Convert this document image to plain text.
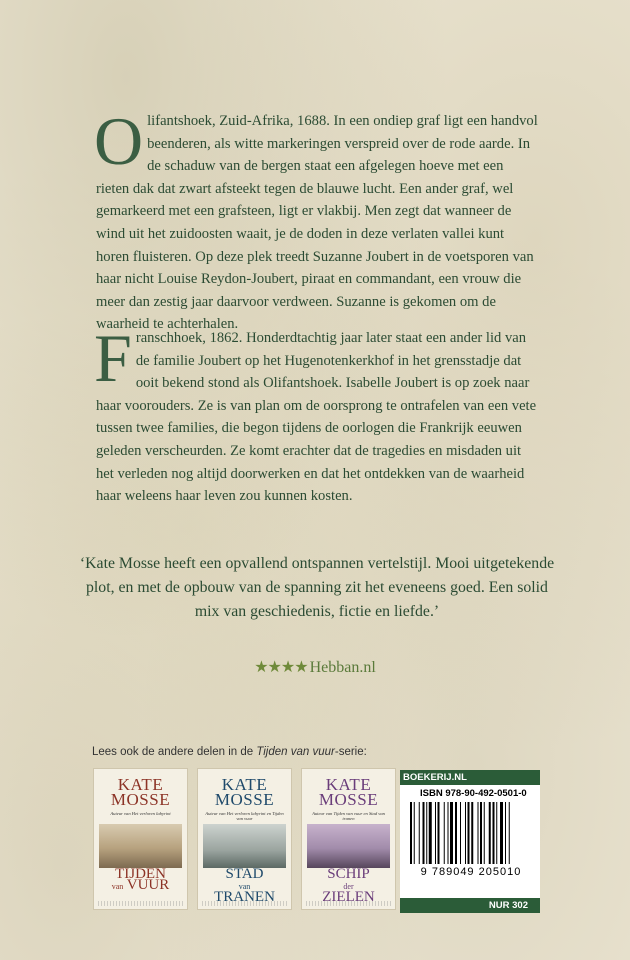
Olifantshoek, Zuid-Afrika, 1688. In een ondiep graf ligt een handvol beenderen, als witte markeringen verspreid over de rode aarde. In de schaduw van de bergen staat een afgelegen hoeve met een rieten dak dat zwart afsteekt tegen de blauwe lucht. Een ander graf, wel gemarkeerd met een grafsteen, ligt er vlakbij. Men zegt dat wanneer de wind uit het zuidoosten waait, je de doden in deze verlaten vallei kunt horen fluisteren. Op deze plek treedt Suzanne Joubert in de voetsporen van haar nicht Louise Reydon-Joubert, piraat en commandant, een vrouw die meer dan zestig jaar daarvoor verdween. Suzanne is gekomen om de waarheid te achterhalen.

Franschhoek, 1862. Honderdtachtig jaar later staat een ander lid van de familie Joubert op het Hugenotenkerkhof in het grensstadje dat ooit bekend stond als Olifantshoek. Isabelle Joubert is op zoek naar haar voorouders. Ze is van plan om de oorsprong te ontrafelen van een vete tussen twee families, die begon tijdens de oorlogen die Frankrijk eeuwen geleden verscheurden. Ze komt erachter dat de tragedies en misdaden uit het verleden nog altijd doorwerken en dat het ontdekken van de waarheid haar weleens haar leven zou kunnen kosten.

‘Kate Mosse heeft een opvallend ontspannen vertelstijl. Mooi uitgetekende plot, en met de opbouw van de spanning zit het eveneens goed. Een solid mix van geschiedenis, fictie en liefde.’

★★★★ Hebban.nl
Lees ook de andere delen in de Tijden van vuur-serie:
KATE
MOSSE
Auteur van Het verloren labyrint
TIJDEN
van VUUR
KATE
MOSSE
Auteur van Het verloren labyrint en Tijden van vuur
STAD
van
TRANEN
KATE
MOSSE
Auteur van Tijden van vuur en Stad van tranen
SCHIP
der
ZIELEN
BOEKERIJ.NL
ISBN 978-90-492-0501-0
9 789049 205010
NUR 302
